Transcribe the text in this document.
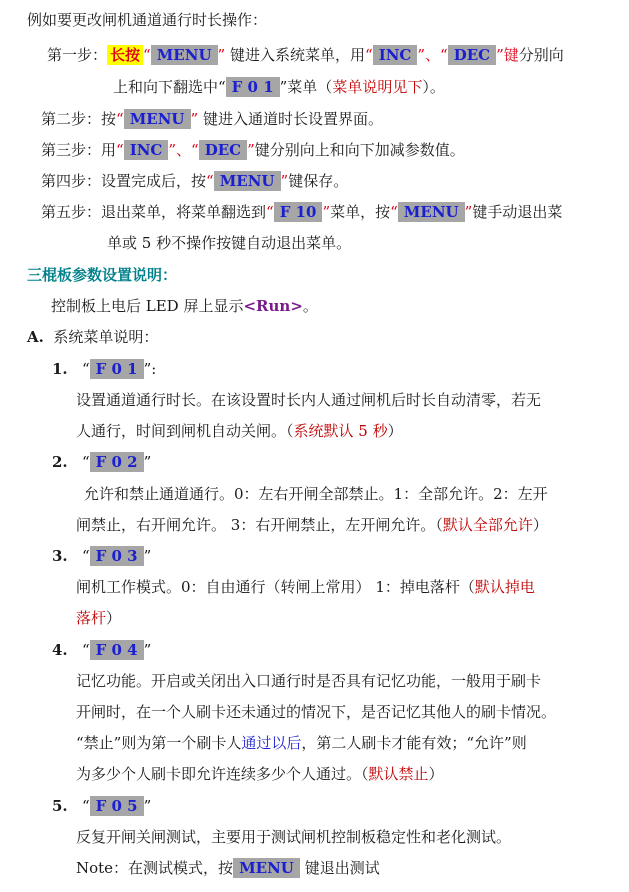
例如要更改闸机通道通行时长操作：
第一步： 长按 “ MENU ” 键进入系统菜单，用“ INC ”、“ DEC ”键分别向
上和向下翻选中“ F 0 1 ”菜单（菜单说明见下）。
第二步：按“ MENU ” 键进入通道时长设置界面。
第三步：用“ INC ”、“ DEC ”键分别向上和向下加减参数值。
第四步：设置完成后，按“ MENU ”键保存。
第五步：退出菜单，将菜单翻选到“ F 10 ”菜单，按“ MENU ”键手动退出菜
单或 5 秒不操作按键自动退出菜单。
三棍板参数设置说明：
控制板上电后 LED 屏上显示<Run>。
A. 系统菜单说明：
1.   “ F 0 1 ”:
设置通道通行时长。在该设置时长内人通过闸机后时长自动清零，若无
人通行，时间到闸机自动关闸。（系统默认 5 秒）
2.   “ F 0 2 ”
允许和禁止通道通行。0：左右开闸全部禁止。1：全部允许。2：左开
闸禁止，右开闸允许。 3：右开闸禁止，左开闸允许。（默认全部允许）
3.   “ F 0 3 ”
闸机工作模式。0：自由通行（转闸上常用） 1：掉电落杆（默认掉电
落杆）
4.   “ F 0 4 ”
记忆功能。开启或关闭出入口通行时是否具有记忆功能，一般用于刷卡
开闸时，在一个人刷卡还未通过的情况下，是否记忆其他人的刷卡情况。
“禁止”则为第一个刷卡人通过以后，第二人刷卡才能有效；“允许”则
为多少个人刷卡即允许连续多少个人通过。（默认禁止）
5.   “ F 0 5 ”
反复开闸关闸测试，主要用于测试闸机控制板稳定性和老化测试。
Note：在测试模式，按 MENU 键退出测试
